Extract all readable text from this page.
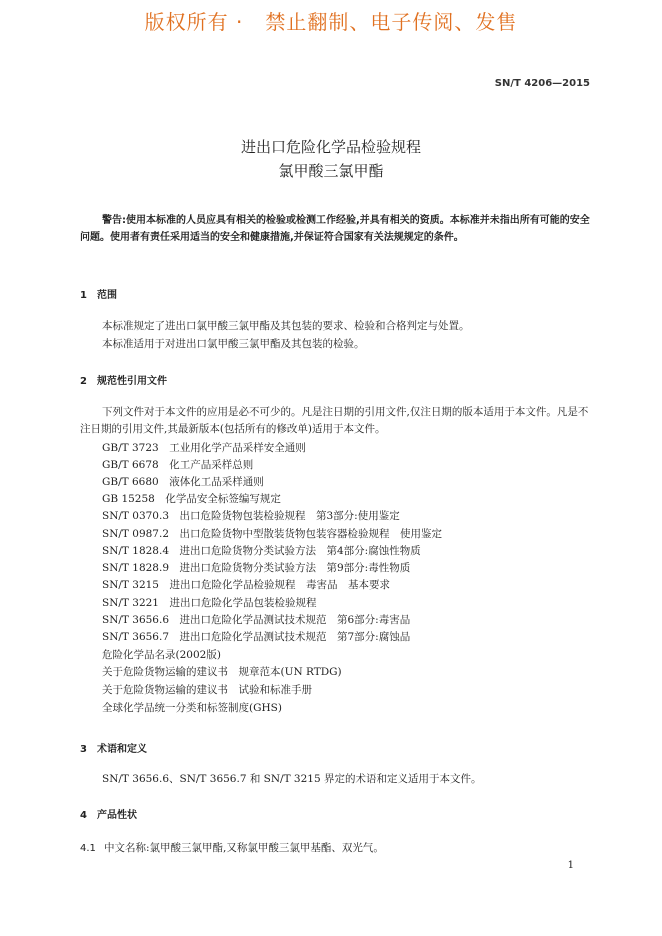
版权所有 ·   禁止翻制、电子传阅、发售
SN/T 4206—2015
进出口危险化学品检验规程
氯甲酸三氯甲酯
警告:使用本标准的人员应具有相关的检验或检测工作经验,并具有相关的资质。本标准并未指出所有可能的安全问题。使用者有责任采用适当的安全和健康措施,并保证符合国家有关法规规定的条件。
1 范围
本标准规定了进出口氯甲酸三氯甲酯及其包装的要求、检验和合格判定与处置。
本标准适用于对进出口氯甲酸三氯甲酯及其包装的检验。
2 规范性引用文件
下列文件对于本文件的应用是必不可少的。凡是注日期的引用文件,仅注日期的版本适用于本文件。凡是不注日期的引用文件,其最新版本(包括所有的修改单)适用于本文件。
GB/T 3723　工业用化学产品采样安全通则
GB/T 6678　化工产品采样总则
GB/T 6680　液体化工品采样通则
GB 15258　化学品安全标签编写规定
SN/T 0370.3　出口危险货物包装检验规程　第3部分:使用鉴定
SN/T 0987.2　出口危险货物中型散装货物包装容器检验规程　使用鉴定
SN/T 1828.4　进出口危险货物分类试验方法　第4部分:腐蚀性物质
SN/T 1828.9　进出口危险货物分类试验方法　第9部分:毒性物质
SN/T 3215　进出口危险化学品检验规程　毒害品　基本要求
SN/T 3221　进出口危险化学品包装检验规程
SN/T 3656.6　进出口危险化学品测试技术规范　第6部分:毒害品
SN/T 3656.7　进出口危险化学品测试技术规范　第7部分:腐蚀品
危险化学品名录(2002版)
关于危险货物运输的建议书　规章范本(UN RTDG)
关于危险货物运输的建议书　试验和标准手册
全球化学品统一分类和标签制度(GHS)
3 术语和定义
SN/T 3656.6、SN/T 3656.7 和 SN/T 3215 界定的术语和定义适用于本文件。
4 产品性状
4.1 中文名称:氯甲酸三氯甲酯,又称氯甲酸三氯甲基酯、双光气。
1
